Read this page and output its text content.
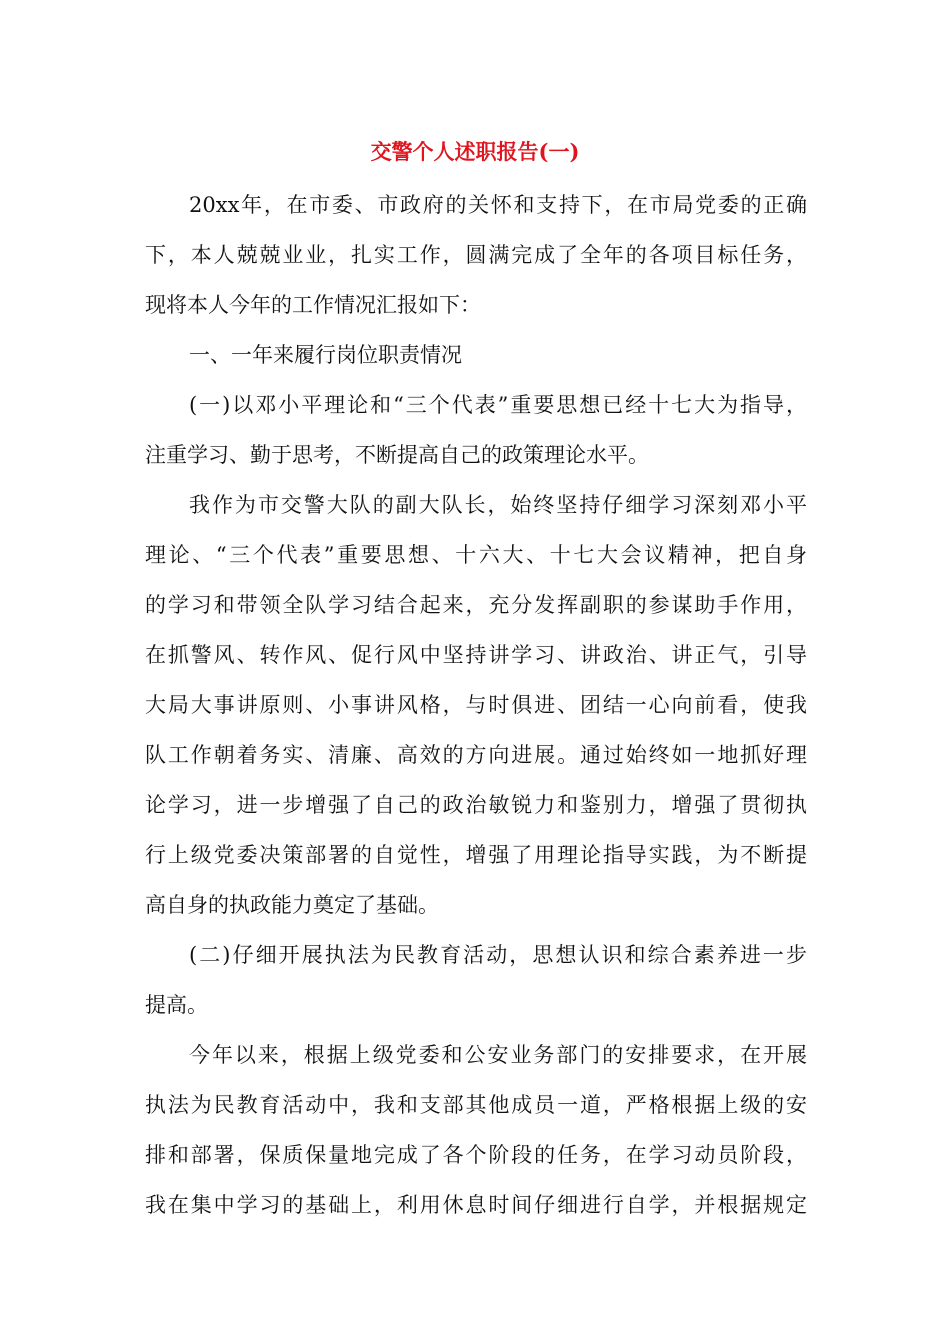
交警个人述职报告(一)
20xx年，在市委、市政府的关怀和支持下，在市局党委的正确
下，本人兢兢业业，扎实工作，圆满完成了全年的各项目标任务，
现将本人今年的工作情况汇报如下：
一、一年来履行岗位职责情况
(一)以邓小平理论和“三个代表”重要思想已经十七大为指导，
注重学习、勤于思考，不断提高自己的政策理论水平。
我作为市交警大队的副大队长，始终坚持仔细学习深刻邓小平
理论、“三个代表”重要思想、十六大、十七大会议精神，把自身
的学习和带领全队学习结合起来，充分发挥副职的参谋助手作用，
在抓警风、转作风、促行风中坚持讲学习、讲政治、讲正气，引导
大局大事讲原则、小事讲风格，与时俱进、团结一心向前看，使我
队工作朝着务实、清廉、高效的方向进展。通过始终如一地抓好理
论学习，进一步增强了自己的政治敏锐力和鉴别力，增强了贯彻执
行上级党委决策部署的自觉性，增强了用理论指导实践，为不断提
高自身的执政能力奠定了基础。
(二)仔细开展执法为民教育活动，思想认识和综合素养进一步
提高。
今年以来，根据上级党委和公安业务部门的安排要求，在开展
执法为民教育活动中，我和支部其他成员一道，严格根据上级的安
排和部署，保质保量地完成了各个阶段的任务，在学习动员阶段，
我在集中学习的基础上，利用休息时间仔细进行自学，并根据规定
